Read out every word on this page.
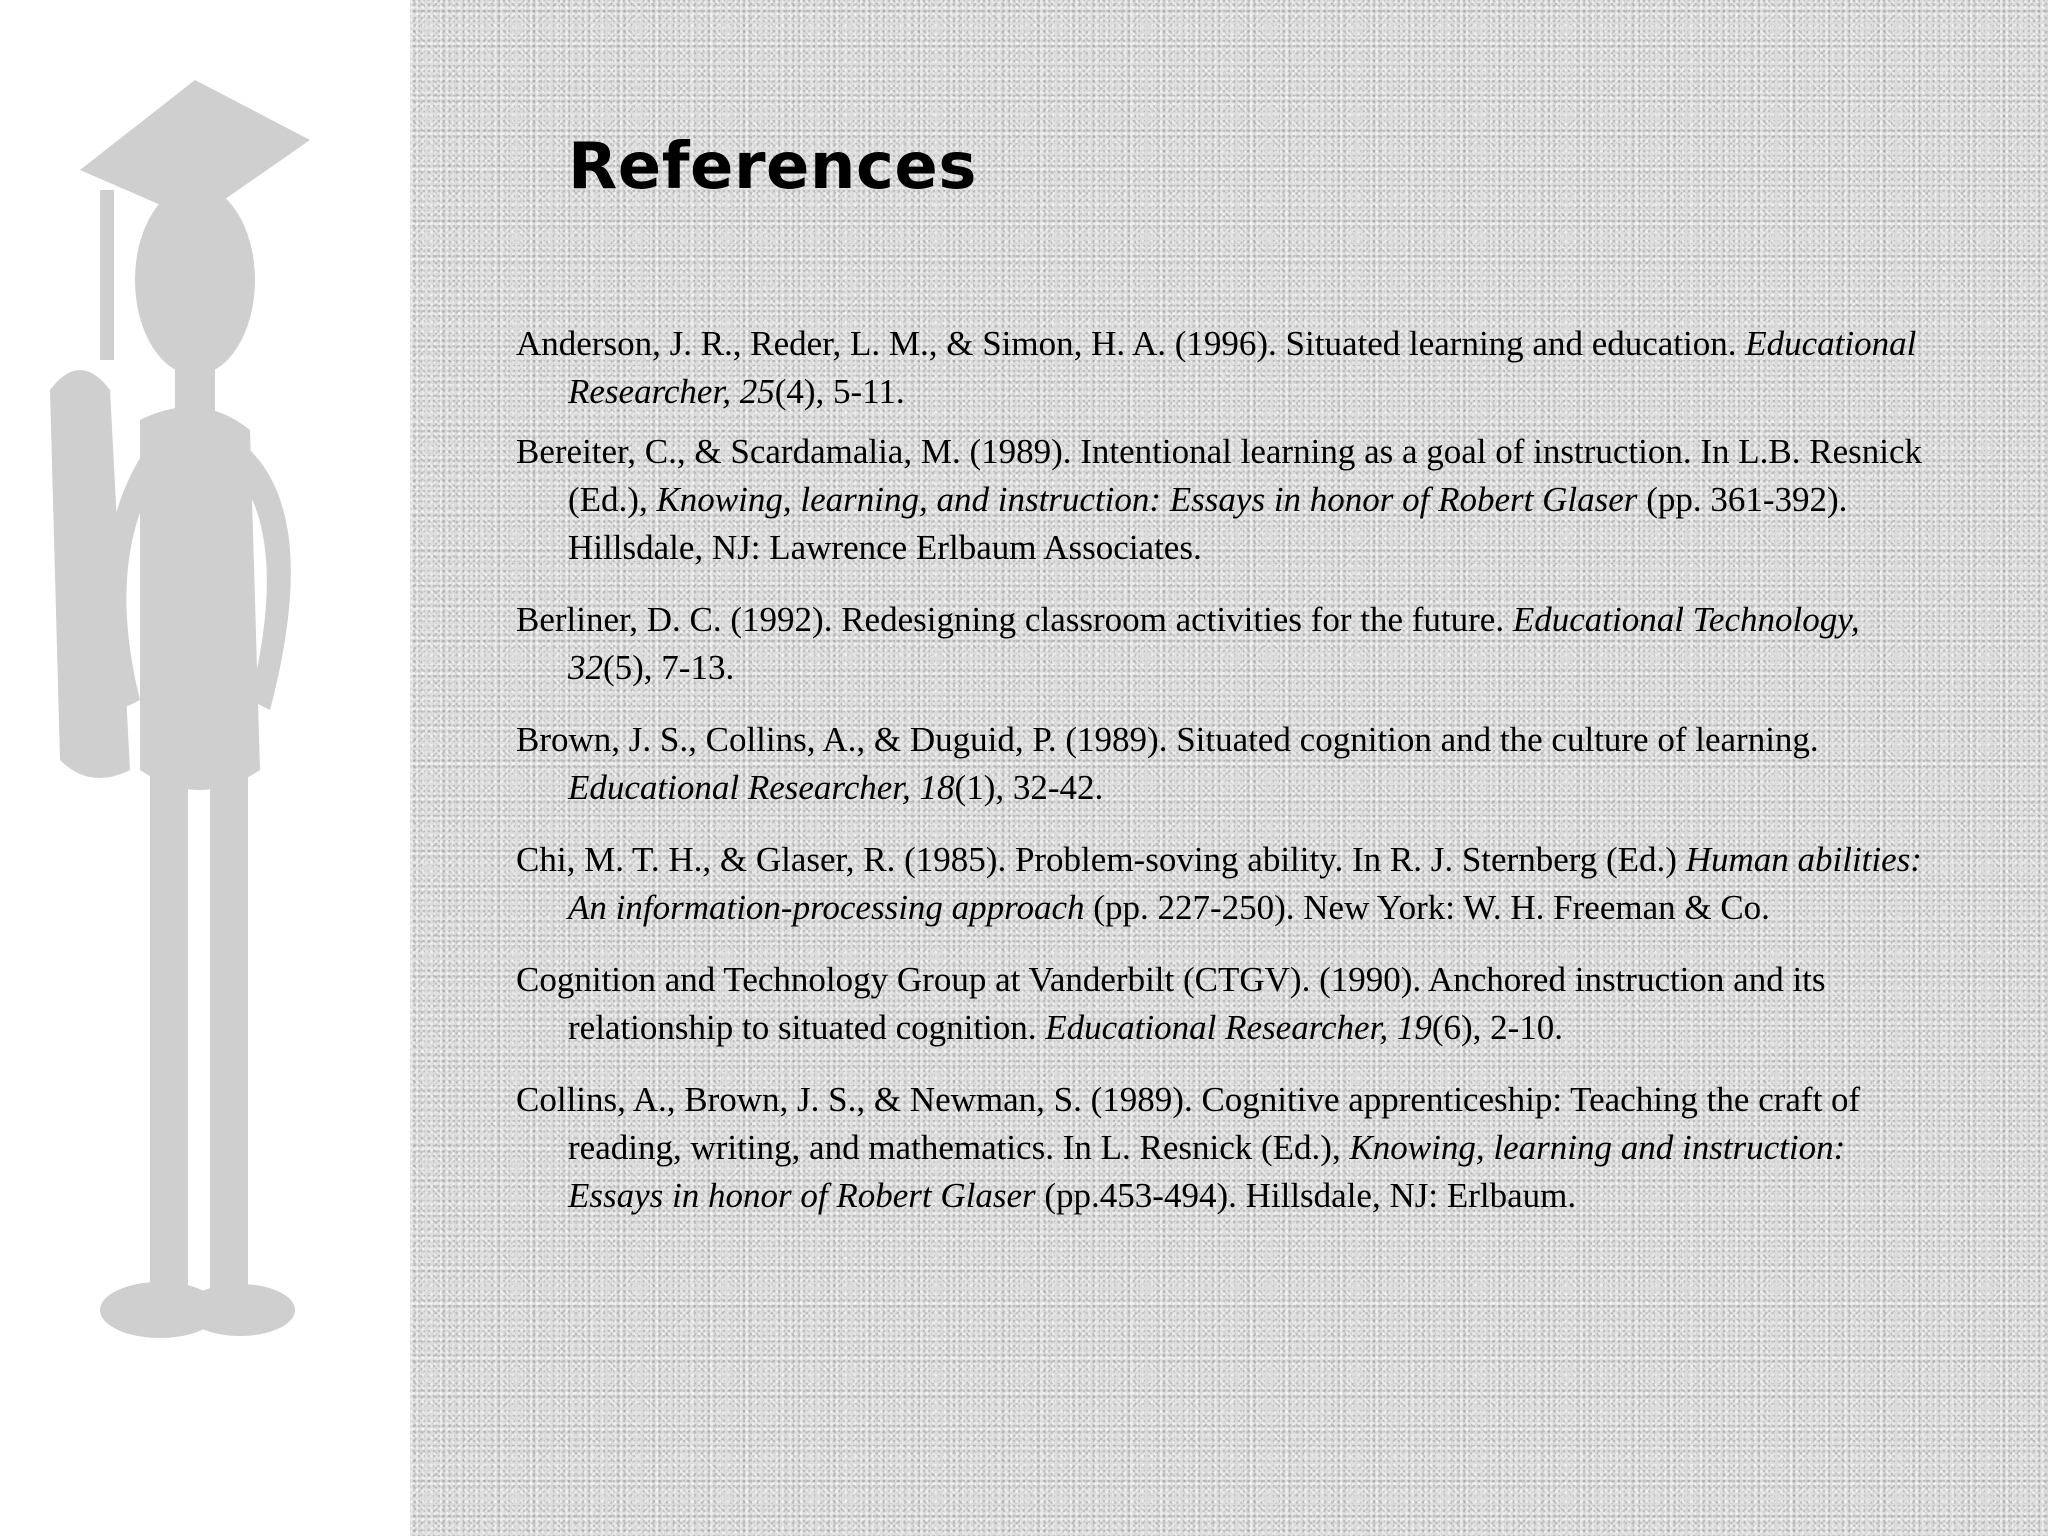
References

Anderson, J. R., Reder, L. M., & Simon, H. A. (1996). Situated learning and education. Educational Researcher, 25(4), 5-11.

Bereiter, C., & Scardamalia, M. (1989). Intentional learning as a goal of instruction. In L.B. Resnick (Ed.), Knowing, learning, and instruction: Essays in honor of Robert Glaser (pp. 361-392). Hillsdale, NJ: Lawrence Erlbaum Associates.

Berliner, D. C. (1992). Redesigning classroom activities for the future. Educational Technology, 32(5), 7-13.

Brown, J. S., Collins, A., & Duguid, P. (1989). Situated cognition and the culture of learning. Educational Researcher, 18(1), 32-42.

Chi, M. T. H., & Glaser, R. (1985). Problem-soving ability. In R. J. Sternberg (Ed.) Human abilities: An information-processing approach (pp. 227-250). New York: W. H. Freeman & Co.

Cognition and Technology Group at Vanderbilt (CTGV). (1990). Anchored instruction and its relationship to situated cognition. Educational Researcher, 19(6), 2-10.

Collins, A., Brown, J. S., & Newman, S. (1989). Cognitive apprenticeship: Teaching the craft of reading, writing, and mathematics. In L. Resnick (Ed.), Knowing, learning and instruction: Essays in honor of Robert Glaser (pp.453-494). Hillsdale, NJ: Erlbaum.
